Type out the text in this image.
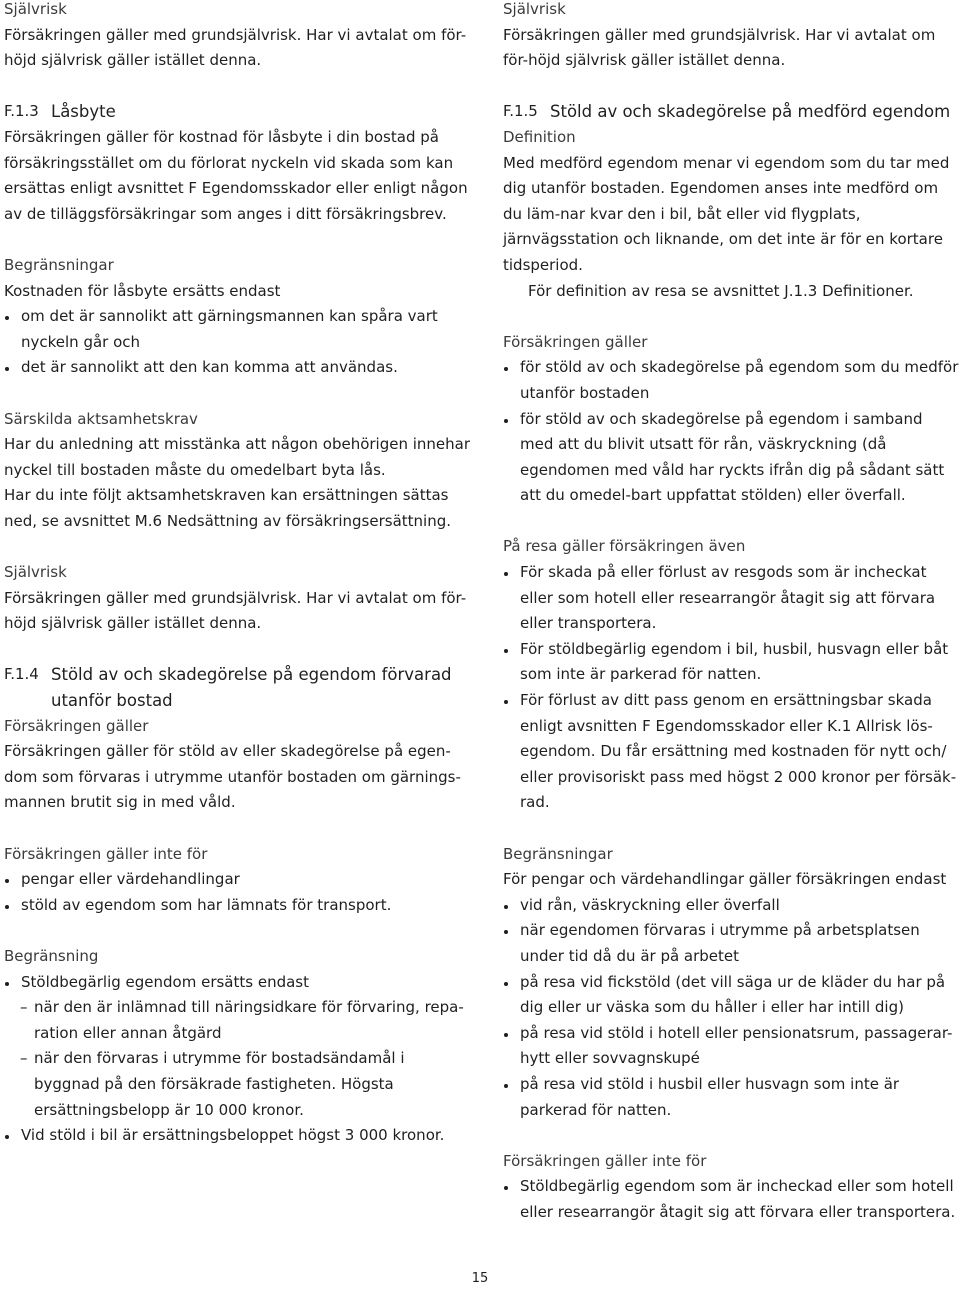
Självrisk

Försäkringen gäller med grundsjälvrisk. Har vi avtalat om för-höjd självrisk gäller istället denna.

F.1.3 Låsbyte

Försäkringen gäller för kostnad för låsbyte i din bostad på försäkringsstället om du förlorat nyckeln vid skada som kan ersättas enligt avsnittet F Egendomsskador eller enligt någon av de tilläggsförsäkringar som anges i ditt försäkringsbrev.

Begränsningar

Kostnaden för låsbyte ersätts endast

om det är sannolikt att gärningsmannen kan spåra vart nyckeln går och
det är sannolikt att den kan komma att användas.

Särskilda aktsamhetskrav

Har du anledning att misstänka att någon obehörigen innehar nyckel till bostaden måste du omedelbart byta lås.

Har du inte följt aktsamhetskraven kan ersättningen sättas ned, se avsnittet M.6 Nedsättning av försäkringsersättning.

Självrisk

Försäkringen gäller med grundsjälvrisk. Har vi avtalat om för-höjd självrisk gäller istället denna.

F.1.4 Stöld av och skadegörelse på egendom förvarad utanför bostad

Försäkringen gäller

Försäkringen gäller för stöld av eller skadegörelse på egen-dom som förvaras i utrymme utanför bostaden om gärnings-mannen brutit sig in med våld.

Försäkringen gäller inte för

pengar eller värdehandlingar
stöld av egendom som har lämnats för transport.

Begränsning

Stöldbegärlig egendom ersätts endast
– när den är inlämnad till näringsidkare för förvaring, repa-ration eller annan åtgärd
– när den förvaras i utrymme för bostadsändamål i byggnad på den försäkrade fastigheten. Högsta ersättningsbelopp är 10 000 kronor.
Vid stöld i bil är ersättningsbeloppet högst 3 000 kronor.

Självrisk

Försäkringen gäller med grundsjälvrisk. Har vi avtalat om för-höjd självrisk gäller istället denna.

F.1.5 Stöld av och skadegörelse på medförd egendom

Definition

Med medförd egendom menar vi egendom som du tar med dig utanför bostaden. Egendomen anses inte medförd om du läm-nar kvar den i bil, båt eller vid flygplats, järnvägsstation och liknande, om det inte är för en kortare tidsperiod.

För definition av resa se avsnittet J.1.3 Definitioner.

Försäkringen gäller

för stöld av och skadegörelse på egendom som du medför utanför bostaden
för stöld av och skadegörelse på egendom i samband med att du blivit utsatt för rån, väskryckning (då egendomen med våld har ryckts ifrån dig på sådant sätt att du omedel-bart uppfattat stölden) eller överfall.

På resa gäller försäkringen även

För skada på eller förlust av resgods som är incheckat eller som hotell eller researrangör åtagit sig att förvara eller transportera.
För stöldbegärlig egendom i bil, husbil, husvagn eller båt som inte är parkerad för natten.
För förlust av ditt pass genom en ersättningsbar skada enligt avsnitten F Egendomsskador eller K.1 Allrisk lös-egendom. Du får ersättning med kostnaden för nytt och/ eller provisoriskt pass med högst 2 000 kronor per försäk-rad.

Begränsningar

För pengar och värdehandlingar gäller försäkringen endast

vid rån, väskryckning eller överfall
när egendomen förvaras i utrymme på arbetsplatsen under tid då du är på arbetet
på resa vid fickstöld (det vill säga ur de kläder du har på dig eller ur väska som du håller i eller har intill dig)
på resa vid stöld i hotell eller pensionatsrum, passagerar-hytt eller sovvagnskupé
på resa vid stöld i husbil eller husvagn som inte är parkerad för natten.

Försäkringen gäller inte för

Stöldbegärlig egendom som är incheckad eller som hotell eller researrangör åtagit sig att förvara eller transportera.
15
